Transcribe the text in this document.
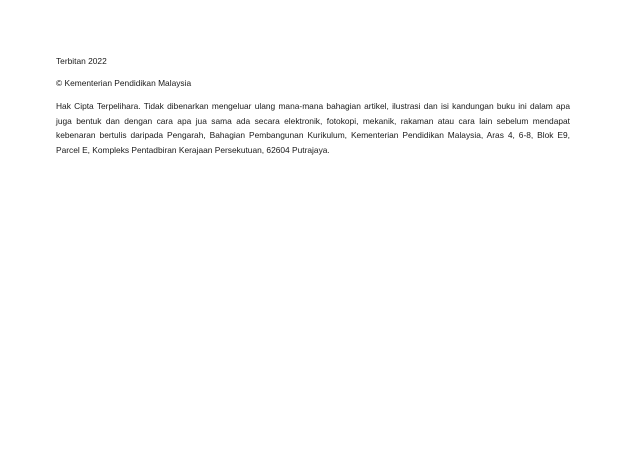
Terbitan 2022

© Kementerian Pendidikan Malaysia

Hak Cipta Terpelihara. Tidak dibenarkan mengeluar ulang mana-mana bahagian artikel, ilustrasi dan isi kandungan buku ini dalam apa juga bentuk dan dengan cara apa jua sama ada secara elektronik, fotokopi, mekanik, rakaman atau cara lain sebelum mendapat kebenaran bertulis daripada Pengarah, Bahagian Pembangunan Kurikulum, Kementerian Pendidikan Malaysia, Aras 4, 6-8, Blok E9, Parcel E, Kompleks Pentadbiran Kerajaan Persekutuan, 62604 Putrajaya.
